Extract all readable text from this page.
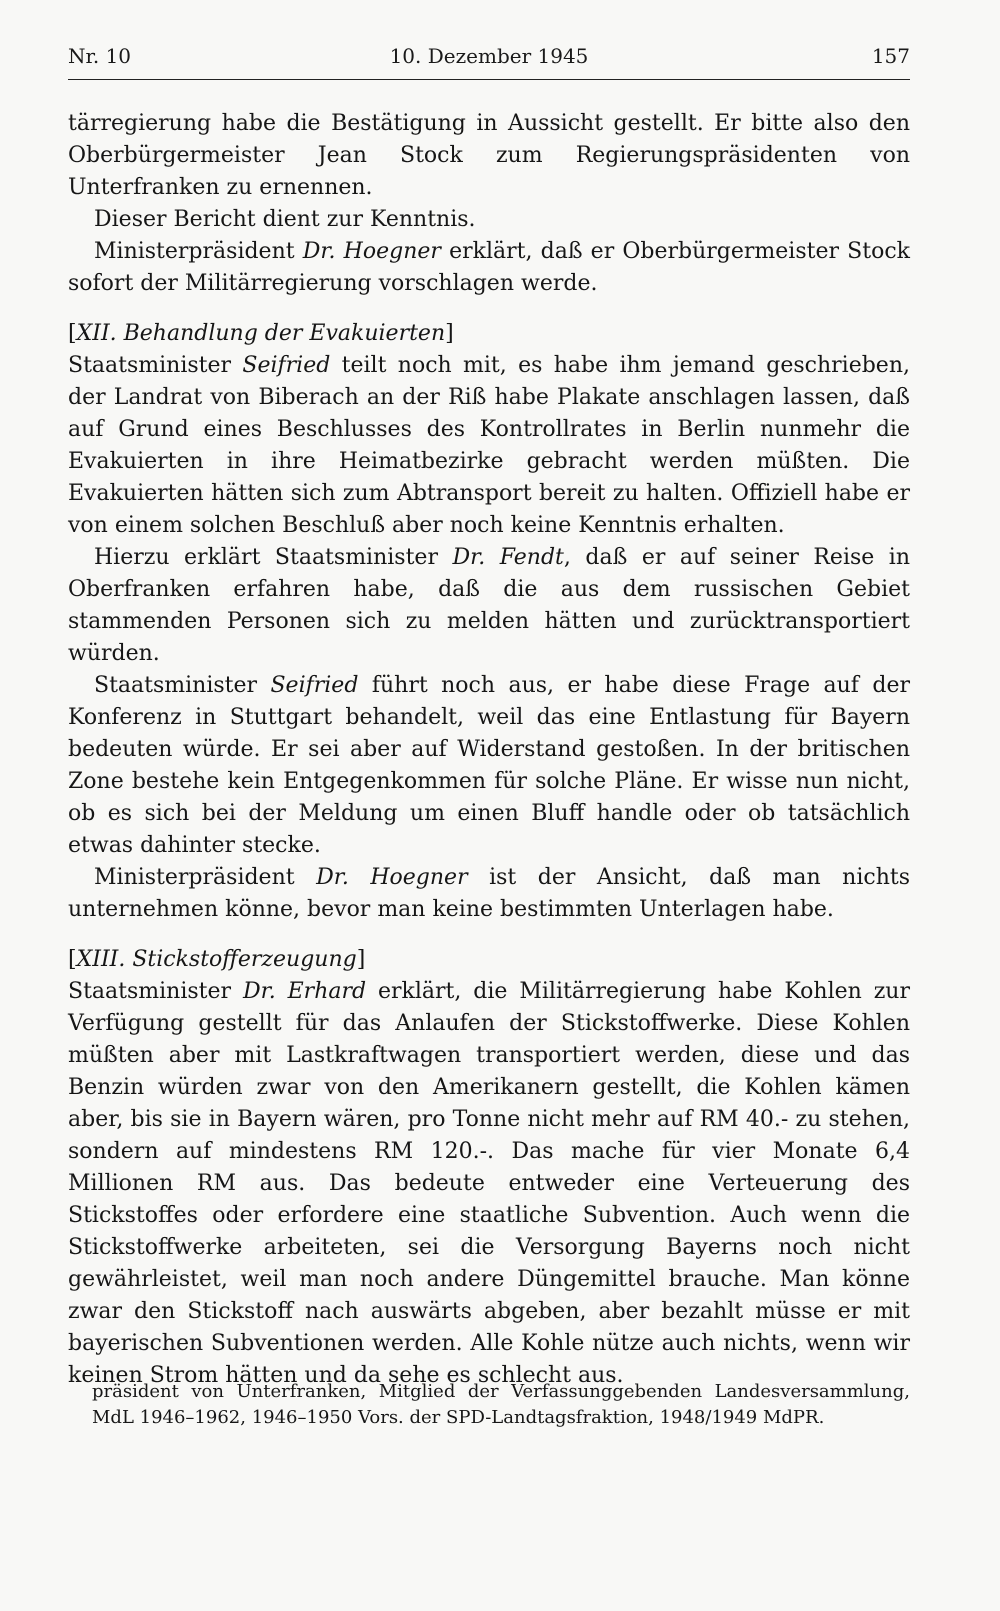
Nr. 10	10. Dezember 1945	157

tärregierung habe die Bestätigung in Aussicht gestellt. Er bitte also den Oberbürgermeister Jean Stock zum Regierungspräsidenten von Unterfranken zu ernennen.

Dieser Bericht dient zur Kenntnis.

Ministerpräsident Dr. Hoegner erklärt, daß er Oberbürgermeister Stock sofort der Militärregierung vorschlagen werde.

[XII. Behandlung der Evakuierten]

Staatsminister Seifried teilt noch mit, es habe ihm jemand geschrieben, der Landrat von Biberach an der Riß habe Plakate anschlagen lassen, daß auf Grund eines Beschlusses des Kontrollrates in Berlin nunmehr die Evakuierten in ihre Heimatbezirke gebracht werden müßten. Die Evakuierten hätten sich zum Abtransport bereit zu halten. Offiziell habe er von einem solchen Beschluß aber noch keine Kenntnis erhalten.

Hierzu erklärt Staatsminister Dr. Fendt, daß er auf seiner Reise in Oberfranken erfahren habe, daß die aus dem russischen Gebiet stammenden Personen sich zu melden hätten und zurücktransportiert würden.

Staatsminister Seifried führt noch aus, er habe diese Frage auf der Konferenz in Stuttgart behandelt, weil das eine Entlastung für Bayern bedeuten würde. Er sei aber auf Widerstand gestoßen. In der britischen Zone bestehe kein Entgegenkommen für solche Pläne. Er wisse nun nicht, ob es sich bei der Meldung um einen Bluff handle oder ob tatsächlich etwas dahinter stecke.

Ministerpräsident Dr. Hoegner ist der Ansicht, daß man nichts unternehmen könne, bevor man keine bestimmten Unterlagen habe.

[XIII. Stickstofferzeugung]

Staatsminister Dr. Erhard erklärt, die Militärregierung habe Kohlen zur Verfügung gestellt für das Anlaufen der Stickstoffwerke. Diese Kohlen müßten aber mit Lastkraftwagen transportiert werden, diese und das Benzin würden zwar von den Amerikanern gestellt, die Kohlen kämen aber, bis sie in Bayern wären, pro Tonne nicht mehr auf RM 40.- zu stehen, sondern auf mindestens RM 120.-. Das mache für vier Monate 6,4 Millionen RM aus. Das bedeute entweder eine Verteuerung des Stickstoffes oder erfordere eine staatliche Subvention. Auch wenn die Stickstoffwerke arbeiteten, sei die Versorgung Bayerns noch nicht gewährleistet, weil man noch andere Düngemittel brauche. Man könne zwar den Stickstoff nach auswärts abgeben, aber bezahlt müsse er mit bayerischen Subventionen werden. Alle Kohle nütze auch nichts, wenn wir keinen Strom hätten und da sehe es schlecht aus.

präsident von Unterfranken, Mitglied der Verfassunggebenden Landesversammlung, MdL 1946–1962, 1946–1950 Vors. der SPD-Landtagsfraktion, 1948/1949 MdPR.
